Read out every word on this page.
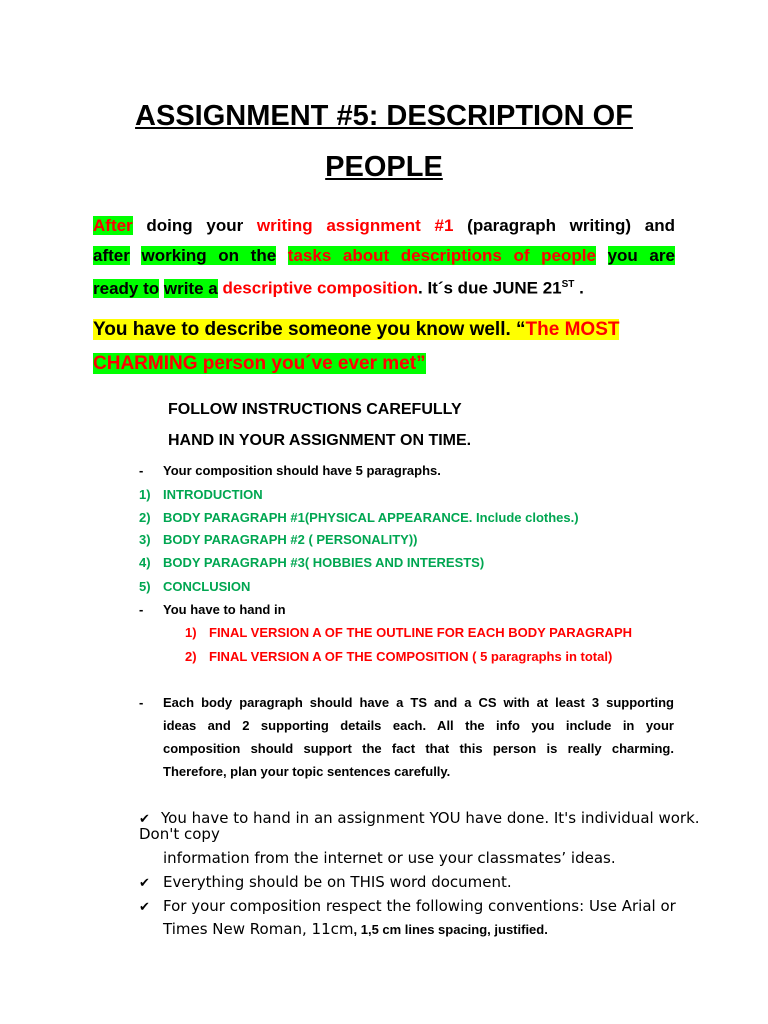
ASSIGNMENT #5: DESCRIPTION OF
PEOPLE
After doing your writing assignment #1 (paragraph writing) and
after working on the tasks about descriptions of people you are
ready to write a descriptive composition. It´s due JUNE 21ST .
You have to describe someone you know well. “The MOST
CHARMING person you´ve ever met”
FOLLOW INSTRUCTIONS CAREFULLY
HAND IN YOUR ASSIGNMENT ON TIME.
- Your composition should have 5 paragraphs.
1) INTRODUCTION
2) BODY PARAGRAPH #1(PHYSICAL APPEARANCE. Include clothes.)
3) BODY PARAGRAPH #2 ( PERSONALITY))
4) BODY PARAGRAPH #3( HOBBIES AND INTERESTS)
5) CONCLUSION
- You have to hand in
1) FINAL VERSION A OF THE OUTLINE FOR EACH BODY PARAGRAPH
2) FINAL VERSION A OF THE COMPOSITION ( 5 paragraphs in total)
- Each body paragraph should have a TS and a CS with at least 3 supporting
ideas and 2 supporting details each. All the info you include in your
composition should support the fact that this person is really charming.
Therefore, plan your topic sentences carefully.
✔ You have to hand in an assignment YOU have done. It's individual work.
Don't copy
information from the internet or use your classmates’ ideas.
✔ Everything should be on THIS word document.
✔ For your composition respect the following conventions: Use Arial or
Times New Roman, 11cm, 1,5 cm lines spacing, justified.
